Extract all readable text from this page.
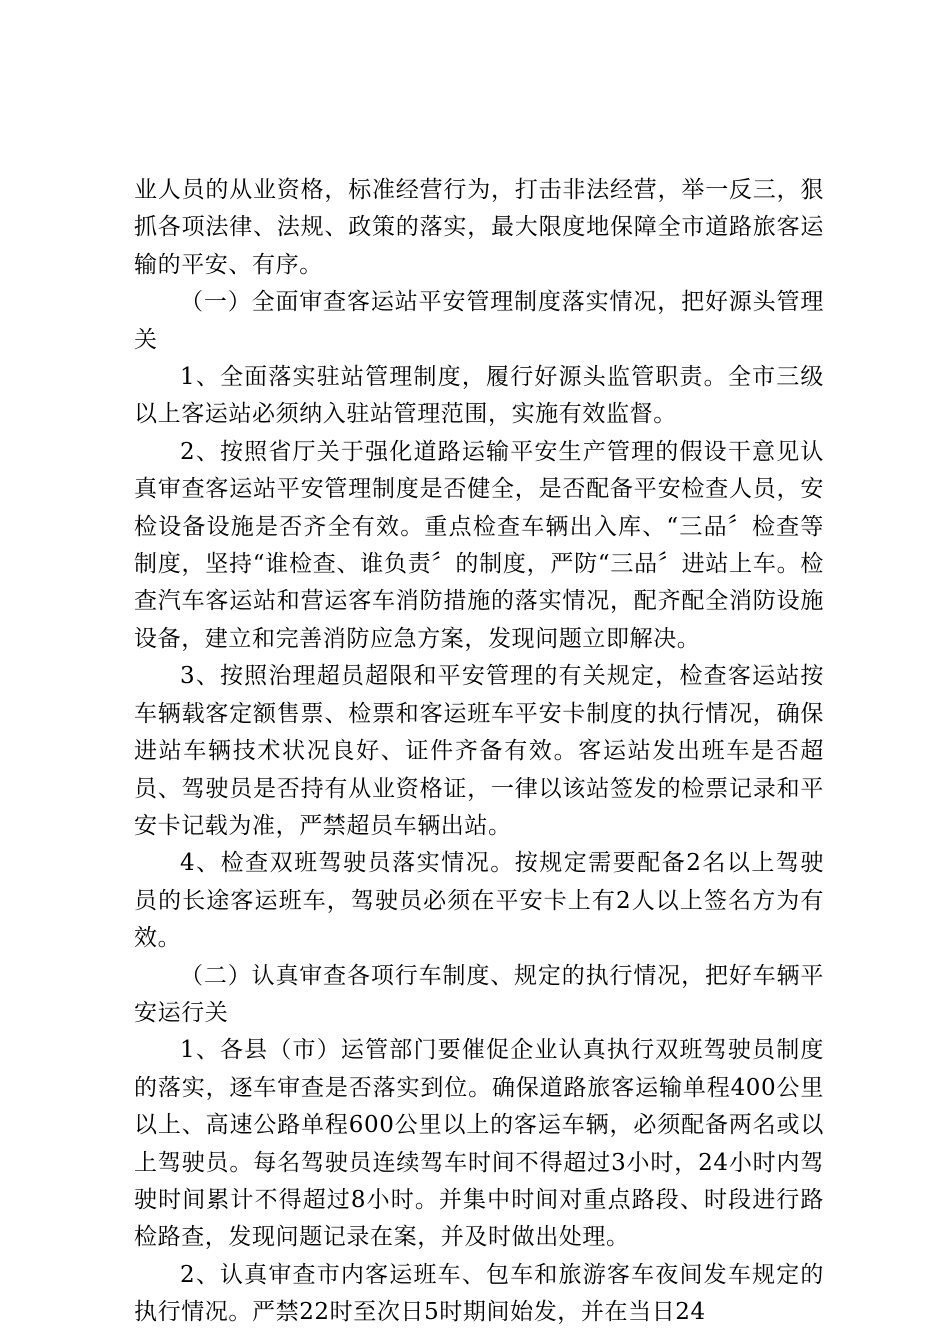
业人员的从业资格，标准经营行为，打击非法经营，举一反三，狠抓各项法律、法规、政策的落实，最大限度地保障全市道路旅客运输的平安、有序。

（一）全面审查客运站平安管理制度落实情况，把好源头管理关

1、全面落实驻站管理制度，履行好源头监管职责。全市三级以上客运站必须纳入驻站管理范围，实施有效监督。

2、按照省厅关于强化道路运输平安生产管理的假设干意见认真审查客运站平安管理制度是否健全，是否配备平安检查人员，安检设备设施是否齐全有效。重点检查车辆出入库、“三品〞检查等制度，坚持“谁检查、谁负责〞的制度，严防“三品〞进站上车。检查汽车客运站和营运客车消防措施的落实情况，配齐配全消防设施设备，建立和完善消防应急方案，发现问题立即解决。

3、按照治理超员超限和平安管理的有关规定，检查客运站按车辆载客定额售票、检票和客运班车平安卡制度的执行情况，确保进站车辆技术状况良好、证件齐备有效。客运站发出班车是否超员、驾驶员是否持有从业资格证，一律以该站签发的检票记录和平安卡记载为准，严禁超员车辆出站。

4、检查双班驾驶员落实情况。按规定需要配备2名以上驾驶员的长途客运班车，驾驶员必须在平安卡上有2人以上签名方为有效。

（二）认真审查各项行车制度、规定的执行情况，把好车辆平安运行关

1、各县（市）运管部门要催促企业认真执行双班驾驶员制度的落实，逐车审查是否落实到位。确保道路旅客运输单程400公里以上、高速公路单程600公里以上的客运车辆，必须配备两名或以上驾驶员。每名驾驶员连续驾车时间不得超过3小时，24小时内驾驶时间累计不得超过8小时。并集中时间对重点路段、时段进行路检路查，发现问题记录在案，并及时做出处理。

2、认真审查市内客运班车、包车和旅游客车夜间发车规定的执行情况。严禁22时至次日5时期间始发，并在当日24
